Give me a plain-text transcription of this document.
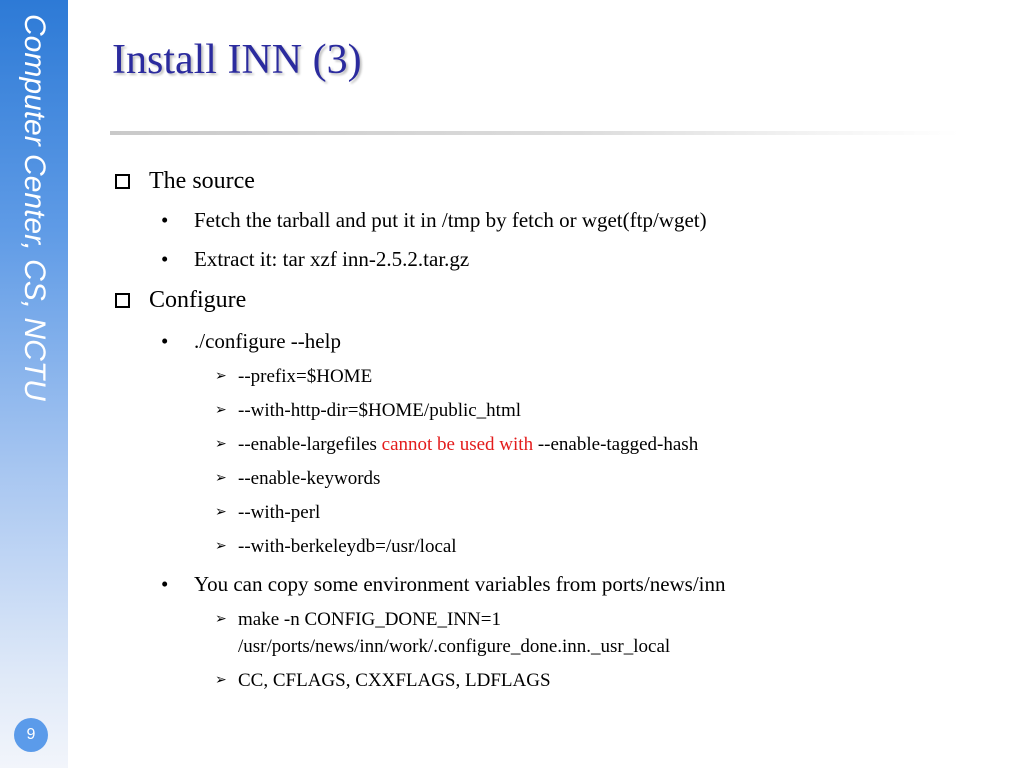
Computer Center, CS, NCTU
9
Install INN (3)
The source
• Fetch the tarball and put it in /tmp by fetch or wget(ftp/wget)
• Extract it: tar xzf inn-2.5.2.tar.gz
Configure
• ./configure --help
➢ --prefix=$HOME
➢ --with-http-dir=$HOME/public_html
➢ --enable-largefiles cannot be used with --enable-tagged-hash
➢ --enable-keywords
➢ --with-perl
➢ --with-berkeleydb=/usr/local
• You can copy some environment variables from ports/news/inn
➢ make -n CONFIG_DONE_INN=1
/usr/ports/news/inn/work/.configure_done.inn._usr_local
➢ CC, CFLAGS, CXXFLAGS, LDFLAGS
